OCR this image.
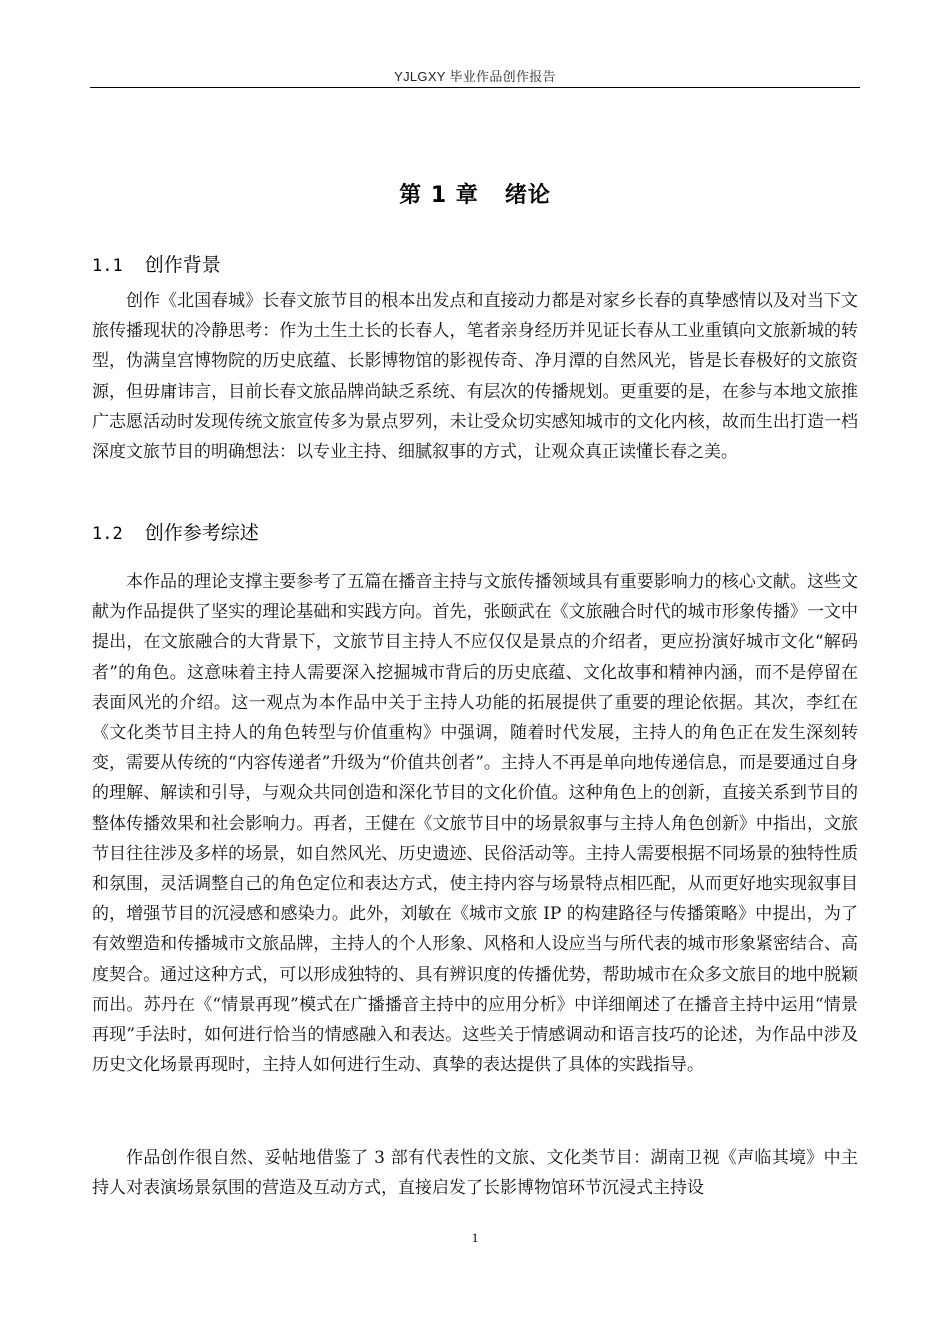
YJLGXY 毕业作品创作报告
第 1 章 绪论
1.1 创作背景

创作《北国春城》长春文旅节目的根本出发点和直接动力都是对家乡长春的真挚感情以及对当下文旅传播现状的冷静思考：作为土生土长的长春人，笔者亲身经历并见证长春从工业重镇向文旅新城的转型，伪满皇宫博物院的历史底蕴、长影博物馆的影视传奇、净月潭的自然风光，皆是长春极好的文旅资源，但毋庸讳言，目前长春文旅品牌尚缺乏系统、有层次的传播规划。更重要的是，在参与本地文旅推广志愿活动时发现传统文旅宣传多为景点罗列，未让受众切实感知城市的文化内核，故而生出打造一档深度文旅节目的明确想法：以专业主持、细腻叙事的方式，让观众真正读懂长春之美。

1.2 创作参考综述

本作品的理论支撑主要参考了五篇在播音主持与文旅传播领域具有重要影响力的核心文献。这些文献为作品提供了坚实的理论基础和实践方向。首先，张颐武在《文旅融合时代的城市形象传播》一文中提出，在文旅融合的大背景下，文旅节目主持人不应仅仅是景点的介绍者，更应扮演好城市文化“解码者”的角色。这意味着主持人需要深入挖掘城市背后的历史底蕴、文化故事和精神内涵，而不是停留在表面风光的介绍。这一观点为本作品中关于主持人功能的拓展提供了重要的理论依据。其次，李红在《文化类节目主持人的角色转型与价值重构》中强调，随着时代发展，主持人的角色正在发生深刻转变，需要从传统的“内容传递者”升级为“价值共创者”。主持人不再是单向地传递信息，而是要通过自身的理解、解读和引导，与观众共同创造和深化节目的文化价值。这种角色上的创新，直接关系到节目的整体传播效果和社会影响力。再者，王健在《文旅节目中的场景叙事与主持人角色创新》中指出，文旅节目往往涉及多样的场景，如自然风光、历史遗迹、民俗活动等。主持人需要根据不同场景的独特性质和氛围，灵活调整自己的角色定位和表达方式，使主持内容与场景特点相匹配，从而更好地实现叙事目的，增强节目的沉浸感和感染力。此外，刘敏在《城市文旅 IP 的构建路径与传播策略》中提出，为了有效塑造和传播城市文旅品牌，主持人的个人形象、风格和人设应当与所代表的城市形象紧密结合、高度契合。通过这种方式，可以形成独特的、具有辨识度的传播优势，帮助城市在众多文旅目的地中脱颖而出。苏丹在《“情景再现”模式在广播播音主持中的应用分析》中详细阐述了在播音主持中运用“情景再现”手法时，如何进行恰当的情感融入和表达。这些关于情感调动和语言技巧的论述，为作品中涉及历史文化场景再现时，主持人如何进行生动、真挚的表达提供了具体的实践指导。

作品创作很自然、妥帖地借鉴了 3 部有代表性的文旅、文化类节目：湖南卫视《声临其境》中主持人对表演场景氛围的营造及互动方式，直接启发了长影博物馆环节沉浸式主持设

1
